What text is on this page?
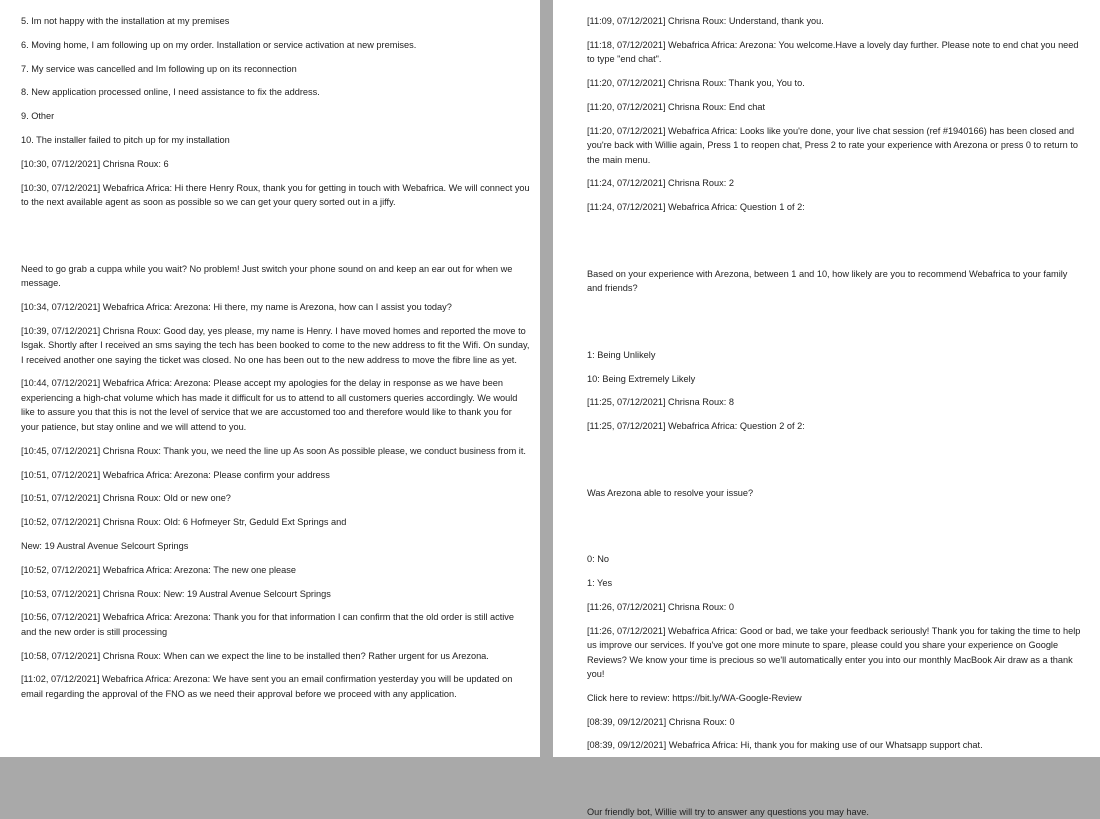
5. Im not happy with the installation at my premises

6. Moving home, I am following up on my order. Installation or service activation at new premises.

7. My service was cancelled and Im following up on its reconnection

8. New application processed online, I need assistance to fix the address.

9. Other

10. The installer failed to pitch up for my installation

[10:30, 07/12/2021] Chrisna Roux: 6

[10:30, 07/12/2021] Webafrica Africa: Hi there Henry Roux, thank you for getting in touch with Webafrica. We will connect you to the next available agent as soon as possible so we can get your query sorted out in a jiffy.

Need to go grab a cuppa while you wait? No problem! Just switch your phone sound on and keep an ear out for when we message.

[10:34, 07/12/2021] Webafrica Africa: Arezona: Hi there, my name is Arezona, how can I assist you today?

[10:39, 07/12/2021] Chrisna Roux: Good day, yes please, my name is Henry. I have moved homes and reported the move to Isgak. Shortly after I received an sms saying the tech has been booked to come to the new address to fit the Wifi. On sunday, I received another one saying the ticket was closed. No one has been out to the new address to move the fibre line as yet.

[10:44, 07/12/2021] Webafrica Africa: Arezona: Please accept my apologies for the delay in response as we have been experiencing a high-chat volume which has made it difficult for us to attend to all customers queries accordingly. We would like to assure you that this is not the level of service that we are accustomed too and therefore would like to thank you for your patience, but stay online and we will attend to you.

[10:45, 07/12/2021] Chrisna Roux: Thank you, we need the line up As soon As possible please, we conduct business from it.

[10:51, 07/12/2021] Webafrica Africa: Arezona: Please confirm your address

[10:51, 07/12/2021] Chrisna Roux: Old or new one?

[10:52, 07/12/2021] Chrisna Roux: Old: 6 Hofmeyer Str, Geduld Ext Springs and

New: 19 Austral Avenue Selcourt Springs

[10:52, 07/12/2021] Webafrica Africa: Arezona: The new one please

[10:53, 07/12/2021] Chrisna Roux: New: 19 Austral Avenue Selcourt Springs

[10:56, 07/12/2021] Webafrica Africa: Arezona: Thank you for that information I can confirm that the old order is still active and the new order is still processing

[10:58, 07/12/2021] Chrisna Roux: When can we expect the line to be installed then? Rather urgent for us Arezona.

[11:02, 07/12/2021] Webafrica Africa: Arezona: We have sent you an email confirmation yesterday you will be updated on email regarding the approval of the FNO as we need their approval before we proceed with any application.

[11:09, 07/12/2021] Chrisna Roux: Understand, thank you.

[11:18, 07/12/2021] Webafrica Africa: Arezona: You welcome.Have a lovely day further. Please note to end chat you need to type "end chat".

[11:20, 07/12/2021] Chrisna Roux: Thank you, You to.

[11:20, 07/12/2021] Chrisna Roux: End chat

[11:20, 07/12/2021] Webafrica Africa: Looks like you're done, your live chat session (ref #1940166) has been closed and you're back with Willie again, Press 1 to reopen chat, Press 2 to rate your experience with Arezona or press 0 to return to the main menu.

[11:24, 07/12/2021] Chrisna Roux: 2

[11:24, 07/12/2021] Webafrica Africa: Question 1 of 2:

Based on your experience with Arezona, between 1 and 10, how likely are you to recommend Webafrica to your family and friends?

1: Being Unlikely

10: Being Extremely Likely

[11:25, 07/12/2021] Chrisna Roux: 8

[11:25, 07/12/2021] Webafrica Africa: Question 2 of 2:

Was Arezona able to resolve your issue?

0: No

1: Yes

[11:26, 07/12/2021] Chrisna Roux: 0

[11:26, 07/12/2021] Webafrica Africa: Good or bad, we take your feedback seriously! Thank you for taking the time to help us improve our services. If you've got one more minute to spare, please could you share your experience on Google Reviews? We know your time is precious so we'll automatically enter you into our monthly MacBook Air draw as a thank you!

Click here to review: https://bit.ly/WA-Google-Review

[08:39, 09/12/2021] Chrisna Roux: 0

[08:39, 09/12/2021] Webafrica Africa: Hi, thank you for making use of our Whatsapp support chat.

Our friendly bot, Willie will try to answer any questions you may have.
